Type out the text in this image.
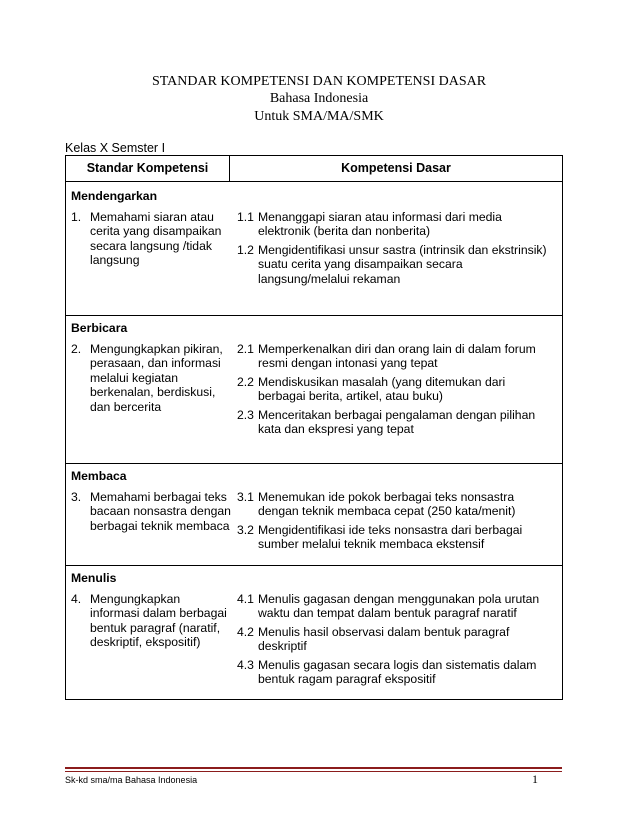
STANDAR KOMPETENSI DAN KOMPETENSI DASAR
Bahasa Indonesia
Untuk SMA/MA/SMK
Kelas X Semster I
Standar Kompetensi	Kompetensi Dasar

Mendengarkan
1. Memahami siaran atau cerita yang disampaikan secara langsung /tidak langsung
1.1 Menanggapi siaran atau informasi dari media elektronik (berita dan nonberita)
1.2 Mengidentifikasi unsur sastra (intrinsik dan ekstrinsik) suatu cerita yang disampaikan secara langsung/melalui rekaman

Berbicara
2. Mengungkapkan pikiran, perasaan, dan informasi melalui kegiatan berkenalan, berdiskusi, dan bercerita
2.1 Memperkenalkan diri dan orang lain di dalam forum resmi dengan intonasi yang tepat
2.2 Mendiskusikan masalah (yang ditemukan dari berbagai berita, artikel, atau buku)
2.3 Menceritakan berbagai pengalaman dengan pilihan kata dan ekspresi yang tepat

Membaca
3. Memahami berbagai teks bacaan nonsastra dengan berbagai teknik membaca
3.1 Menemukan ide pokok berbagai teks nonsastra dengan teknik membaca cepat (250 kata/menit)
3.2 Mengidentifikasi ide teks nonsastra dari berbagai sumber melalui teknik membaca ekstensif

Menulis
4. Mengungkapkan informasi dalam berbagai bentuk paragraf (naratif, deskriptif, ekspositif)
4.1 Menulis gagasan dengan menggunakan pola urutan waktu dan tempat dalam bentuk paragraf naratif
4.2 Menulis hasil observasi dalam bentuk paragraf deskriptif
4.3 Menulis gagasan secara logis dan sistematis dalam bentuk ragam paragraf ekspositif
Sk-kd sma/ma Bahasa Indonesia	1
